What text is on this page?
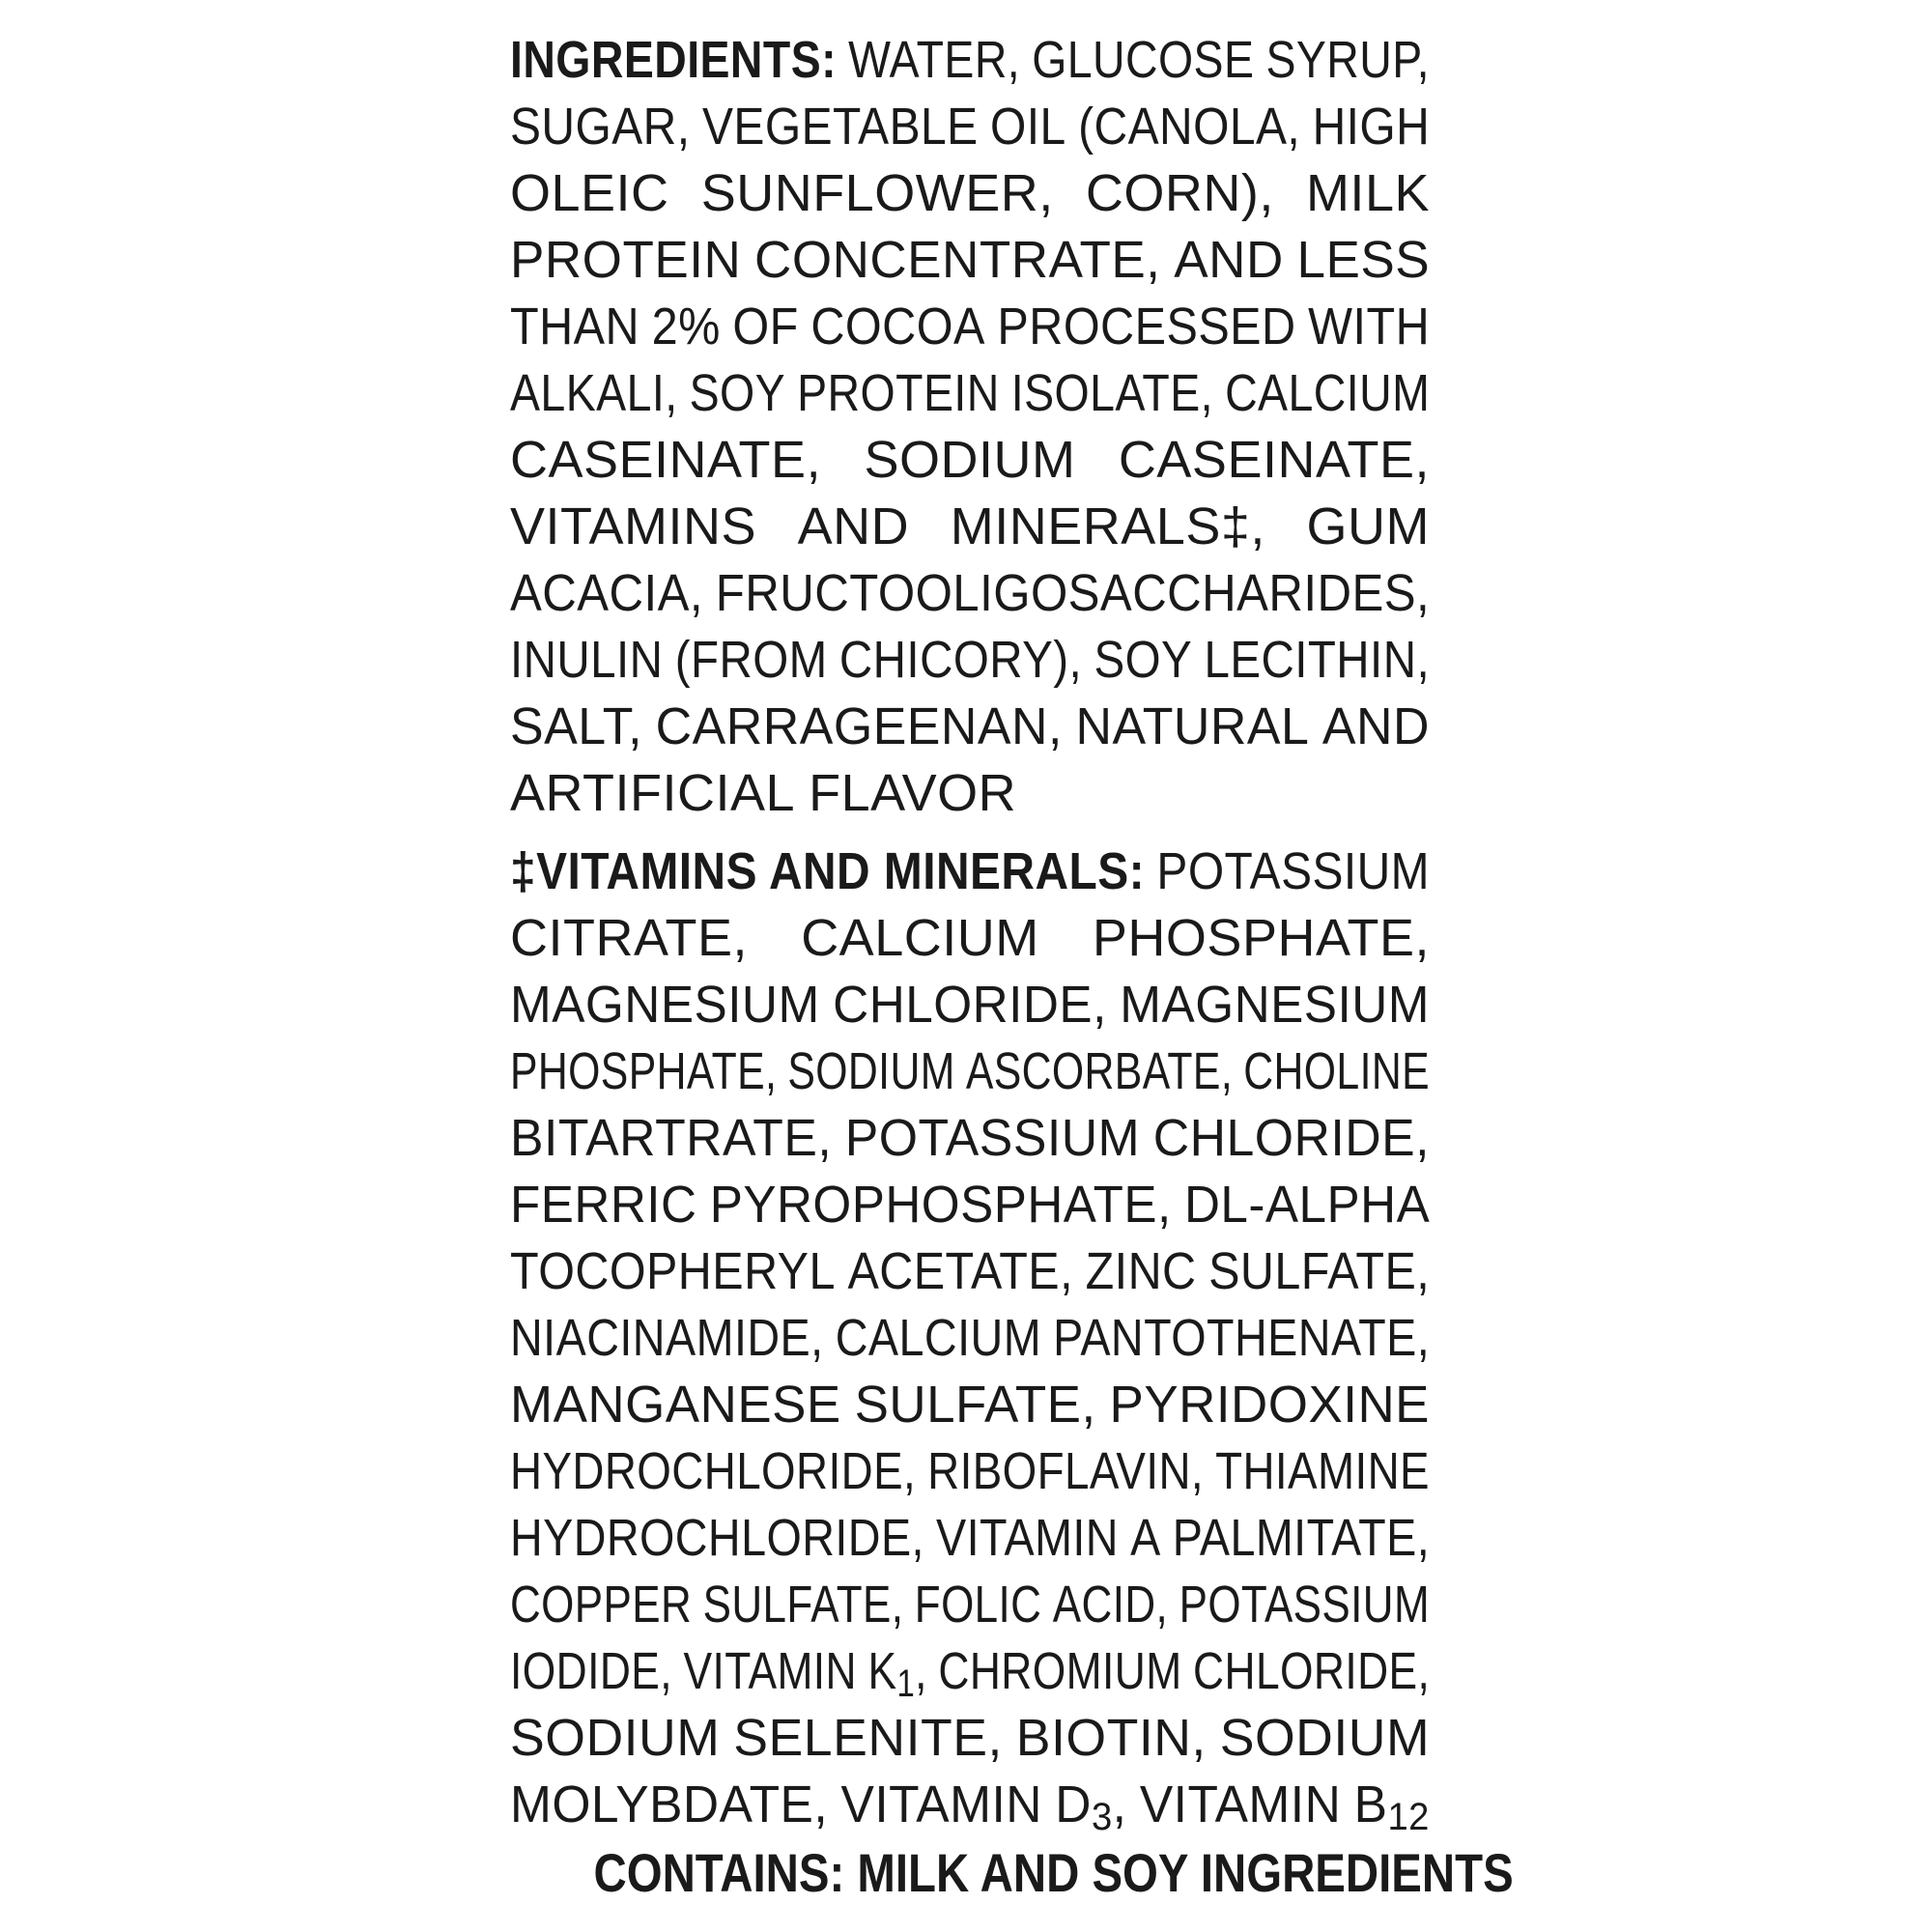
INGREDIENTS: WATER, GLUCOSE SYRUP,
SUGAR, VEGETABLE OIL (CANOLA, HIGH
OLEIC SUNFLOWER, CORN), MILK
PROTEIN CONCENTRATE, AND LESS
THAN 2% OF COCOA PROCESSED WITH
ALKALI, SOY PROTEIN ISOLATE, CALCIUM
CASEINATE, SODIUM CASEINATE,
VITAMINS AND MINERALS‡, GUM
ACACIA, FRUCTOOLIGOSACCHARIDES,
INULIN (FROM CHICORY), SOY LECITHIN,
SALT, CARRAGEENAN, NATURAL AND
ARTIFICIAL FLAVOR
‡VITAMINS AND MINERALS: POTASSIUM
CITRATE, CALCIUM PHOSPHATE,
MAGNESIUM CHLORIDE, MAGNESIUM
PHOSPHATE, SODIUM ASCORBATE, CHOLINE
BITARTRATE, POTASSIUM CHLORIDE,
FERRIC PYROPHOSPHATE, DL-ALPHA
TOCOPHERYL ACETATE, ZINC SULFATE,
NIACINAMIDE, CALCIUM PANTOTHENATE,
MANGANESE SULFATE, PYRIDOXINE
HYDROCHLORIDE, RIBOFLAVIN, THIAMINE
HYDROCHLORIDE, VITAMIN A PALMITATE,
COPPER SULFATE, FOLIC ACID, POTASSIUM
IODIDE, VITAMIN $K_1$, CHROMIUM CHLORIDE,
SODIUM SELENITE, BIOTIN, SODIUM
MOLYBDATE, VITAMIN $D_3$, VITAMIN $B_{12}$
CONTAINS: MILK AND SOY INGREDIENTS
